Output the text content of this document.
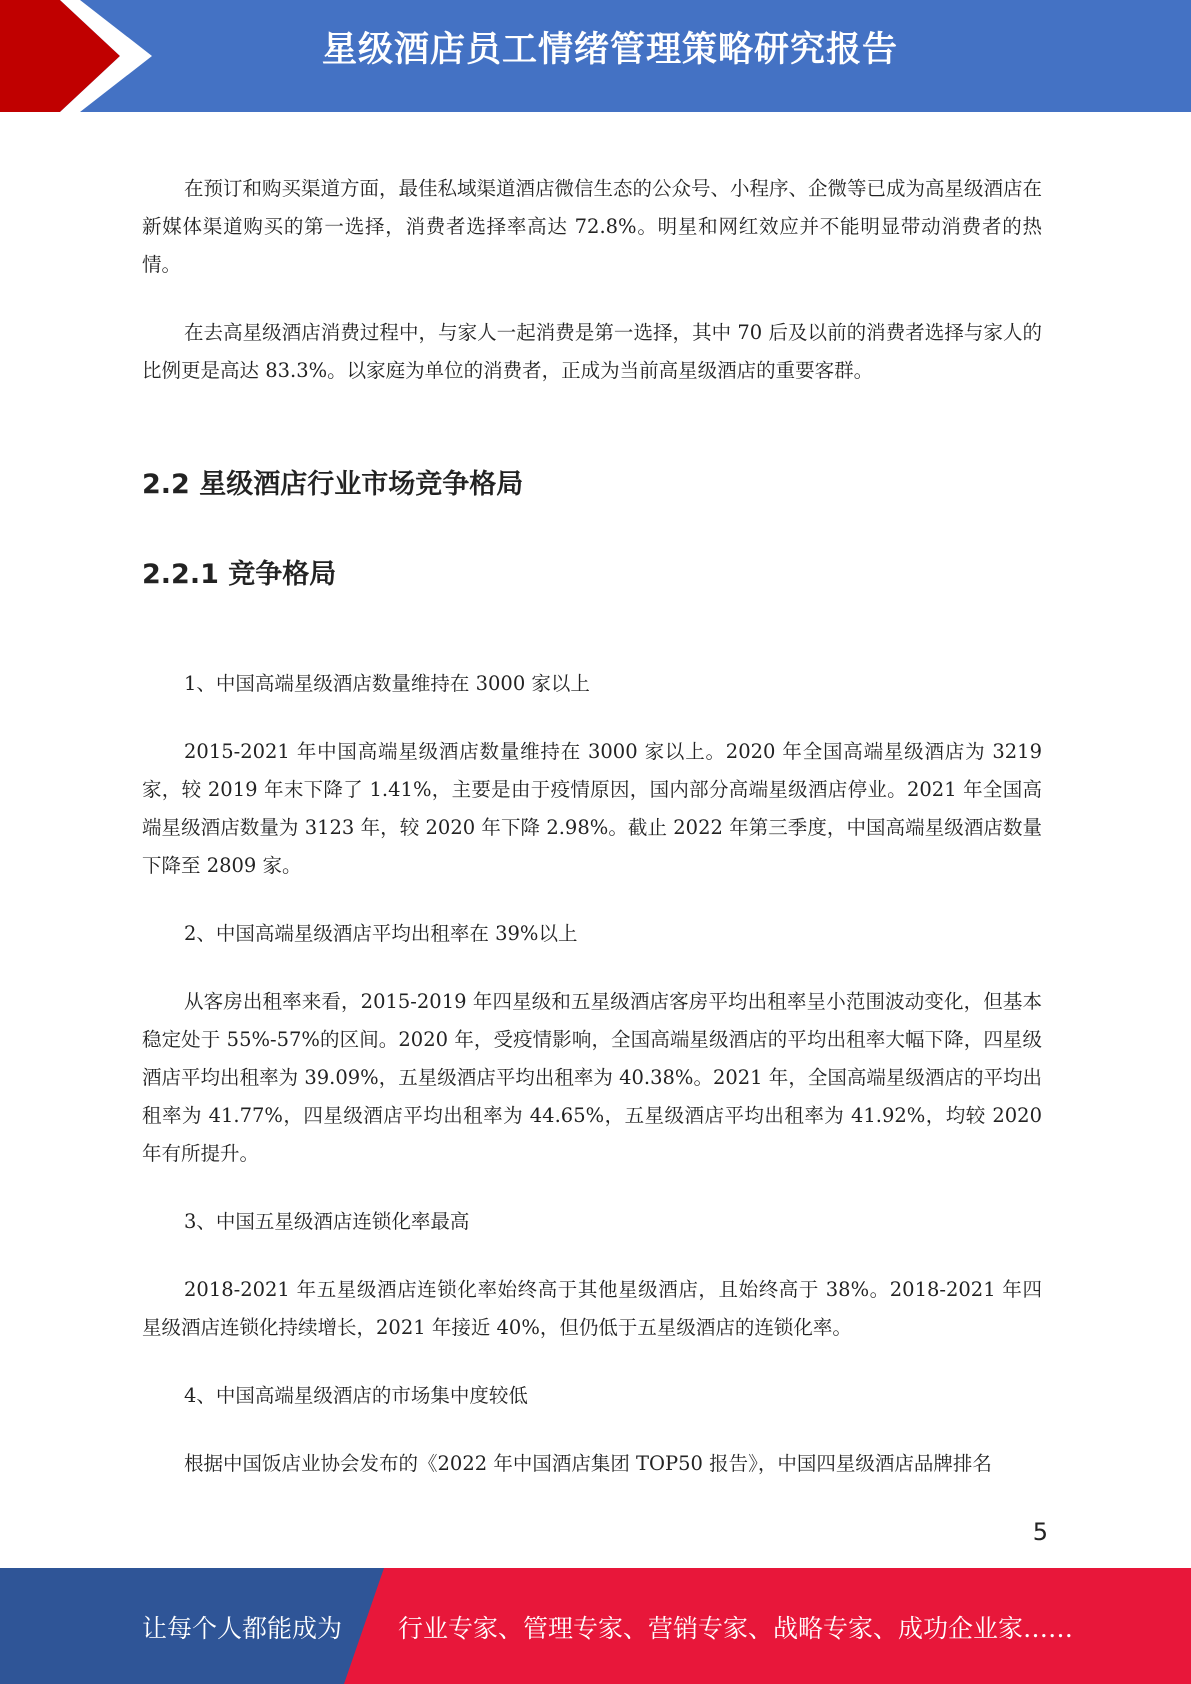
星级酒店员工情绪管理策略研究报告

在预订和购买渠道方面，最佳私域渠道酒店微信生态的公众号、小程序、企微等已成为高星级酒店在新媒体渠道购买的第一选择，消费者选择率高达 72.8%。明星和网红效应并不能明显带动消费者的热情。

在去高星级酒店消费过程中，与家人一起消费是第一选择，其中 70 后及以前的消费者选择与家人的比例更是高达 83.3%。以家庭为单位的消费者，正成为当前高星级酒店的重要客群。

2.2 星级酒店行业市场竞争格局
2.2.1 竞争格局

1、中国高端星级酒店数量维持在 3000 家以上

2015-2021 年中国高端星级酒店数量维持在 3000 家以上。2020 年全国高端星级酒店为 3219 家，较 2019 年末下降了 1.41%，主要是由于疫情原因，国内部分高端星级酒店停业。2021 年全国高端星级酒店数量为 3123 年，较 2020 年下降 2.98%。截止 2022 年第三季度，中国高端星级酒店数量下降至 2809 家。

2、中国高端星级酒店平均出租率在 39%以上

从客房出租率来看，2015-2019 年四星级和五星级酒店客房平均出租率呈小范围波动变化，但基本稳定处于 55%-57%的区间。2020 年，受疫情影响，全国高端星级酒店的平均出租率大幅下降，四星级酒店平均出租率为 39.09%，五星级酒店平均出租率为 40.38%。2021 年，全国高端星级酒店的平均出租率为 41.77%，四星级酒店平均出租率为 44.65%，五星级酒店平均出租率为 41.92%，均较 2020 年有所提升。

3、中国五星级酒店连锁化率最高

2018-2021 年五星级酒店连锁化率始终高于其他星级酒店，且始终高于 38%。2018-2021 年四星级酒店连锁化持续增长，2021 年接近 40%，但仍低于五星级酒店的连锁化率。

4、中国高端星级酒店的市场集中度较低

根据中国饭店业协会发布的《2022 年中国酒店集团 TOP50 报告》，中国四星级酒店品牌排名

5
让每个人都能成为 行业专家、管理专家、营销专家、战略专家、成功企业家……
